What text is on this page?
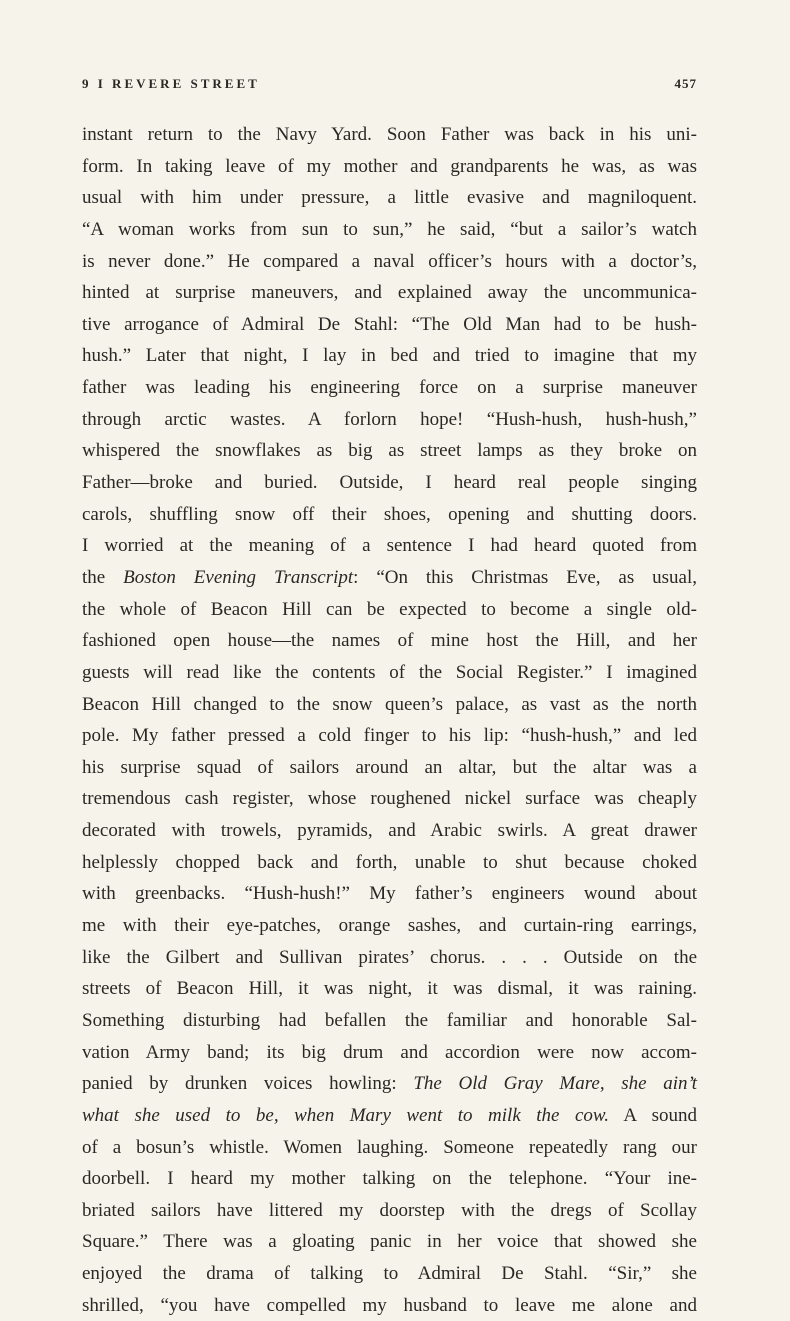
9 I REVERE STREET	457
instant return to the Navy Yard. Soon Father was back in his uni-
form. In taking leave of my mother and grandparents he was, as was
usual with him under pressure, a little evasive and magniloquent.
“A woman works from sun to sun,” he said, “but a sailor’s watch
is never done.” He compared a naval officer’s hours with a doctor’s,
hinted at surprise maneuvers, and explained away the uncommunica-
tive arrogance of Admiral De Stahl: “The Old Man had to be hush-
hush.” Later that night, I lay in bed and tried to imagine that my
father was leading his engineering force on a surprise maneuver
through arctic wastes. A forlorn hope! “Hush-hush, hush-hush,”
whispered the snowflakes as big as street lamps as they broke on
Father—broke and buried. Outside, I heard real people singing
carols, shuffling snow off their shoes, opening and shutting doors.
I worried at the meaning of a sentence I had heard quoted from
the Boston Evening Transcript: “On this Christmas Eve, as usual,
the whole of Beacon Hill can be expected to become a single old-
fashioned open house—the names of mine host the Hill, and her
guests will read like the contents of the Social Register.” I imagined
Beacon Hill changed to the snow queen’s palace, as vast as the north
pole. My father pressed a cold finger to his lip: “hush-hush,” and led
his surprise squad of sailors around an altar, but the altar was a
tremendous cash register, whose roughened nickel surface was cheaply
decorated with trowels, pyramids, and Arabic swirls. A great drawer
helplessly chopped back and forth, unable to shut because choked
with greenbacks. “Hush-hush!” My father’s engineers wound about
me with their eye-patches, orange sashes, and curtain-ring earrings,
like the Gilbert and Sullivan pirates’ chorus. . . . Outside on the
streets of Beacon Hill, it was night, it was dismal, it was raining.
Something disturbing had befallen the familiar and honorable Sal-
vation Army band; its big drum and accordion were now accom-
panied by drunken voices howling: The Old Gray Mare, she ain’t
what she used to be, when Mary went to milk the cow. A sound
of a bosun’s whistle. Women laughing. Someone repeatedly rang our
doorbell. I heard my mother talking on the telephone. “Your ine-
briated sailors have littered my doorstep with the dregs of Scollay
Square.” There was a gloating panic in her voice that showed she
enjoyed the drama of talking to Admiral De Stahl. “Sir,” she
shrilled, “you have compelled my husband to leave me alone and
